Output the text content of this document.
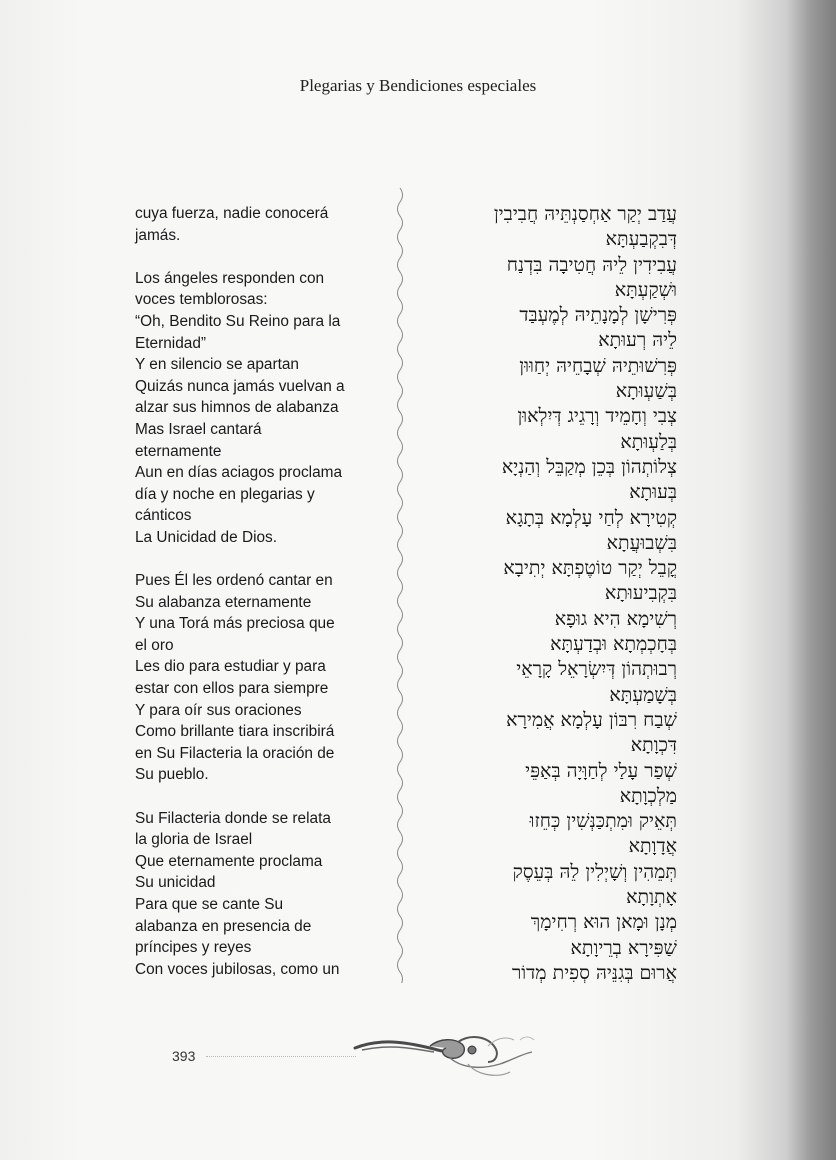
Plegarias y Bendiciones especiales
cuya fuerza, nadie conocerá
jamás.
Los ángeles responden con
voces temblorosas:
“Oh, Bendito Su Reino para la
Eternidad”
Y en silencio se apartan
Quizás nunca jamás vuelvan a
alzar sus himnos de alabanza
Mas Israel cantará
eternamente
Aun en días aciagos proclama
día y noche en plegarias y
cánticos
La Unicidad de Dios.
Pues Él les ordenó cantar en
Su alabanza eternamente
Y una Torá más preciosa que
el oro
Les dio para estudiar y para
estar con ellos para siempre
Y para oír sus oraciones
Como brillante tiara inscribirá
en Su Filacteria la oración de
Su pueblo.
Su Filacteria donde se relata
la gloria de Israel
Que eternamente proclama
Su unicidad
Para que se cante Su
alabanza en presencia de
príncipes y reyes
Con voces jubilosas, como un
עֲדַב יְקַר אַחְסַנְתֵּיהּ חֲבִיבִין
דְּבִקְבַעְתָּא
עֲבִידִין לֵיהּ חֲטִיבָה בִּדְנַח
וּשְׁקַעְתָּא
פְּרִישָׁן לְמָנָתֵיהּ לְמֶעְבַּד
לֵיהּ רְעוּתָא
פְּרִשׁוּתֵיהּ שְׁבָחֵיהּ יְחַוּוּן
בְּשַׁעְוּתָא
צְבִי וְחָמֵיד וְרָגֵיג דְּיִלְאוּן
בְּלַעְוּתָא
צְלוֹתְהוֹן בְּכֵן מְקַבֵּל וְהַנְיָא
בְּעוּתָא
קְטִירָא לְחַי עָלְמָא בְּתָגָא
בִּשְׁבוּעֲתָא
קֳבֵל יְקַר טוֹטֶפְתָּא יְתִיבָא
בִּקְבִיעוּתָא
רְשִׁימָא הִיא גוּפָא
בְּחָכְמְתָא וּבְדַעְתָּא
רְבוּתְהוֹן דְּיִשְׂרָאֵל קָרָאֵי
בְּשָׁמַעְתָּא
שְׁבַח רִבּוֹן עָלְמָא אֲמִירָא
דִּכְוָתָא
שְׁפַר עָלַי לְחַוָּיָה בְּאַפֵּי
מַלְכְוָתָא
תְּאֵיק וּמִתְכַּנְּשִׁין כְּחֵזוּ
אֲדָוָתָא
תְּמֵהִין וְשָׁיְלִין לֵהּ בְּעֵסֶק
אָתְוָתָא
מְנָן וּמָאן הוּא רְחִימָךְ
שַׁפִּירָא בְרֵיוָתָא
אֲרוּם בְּגִנֵּיהּ סְפִית מְדוֹר
393
